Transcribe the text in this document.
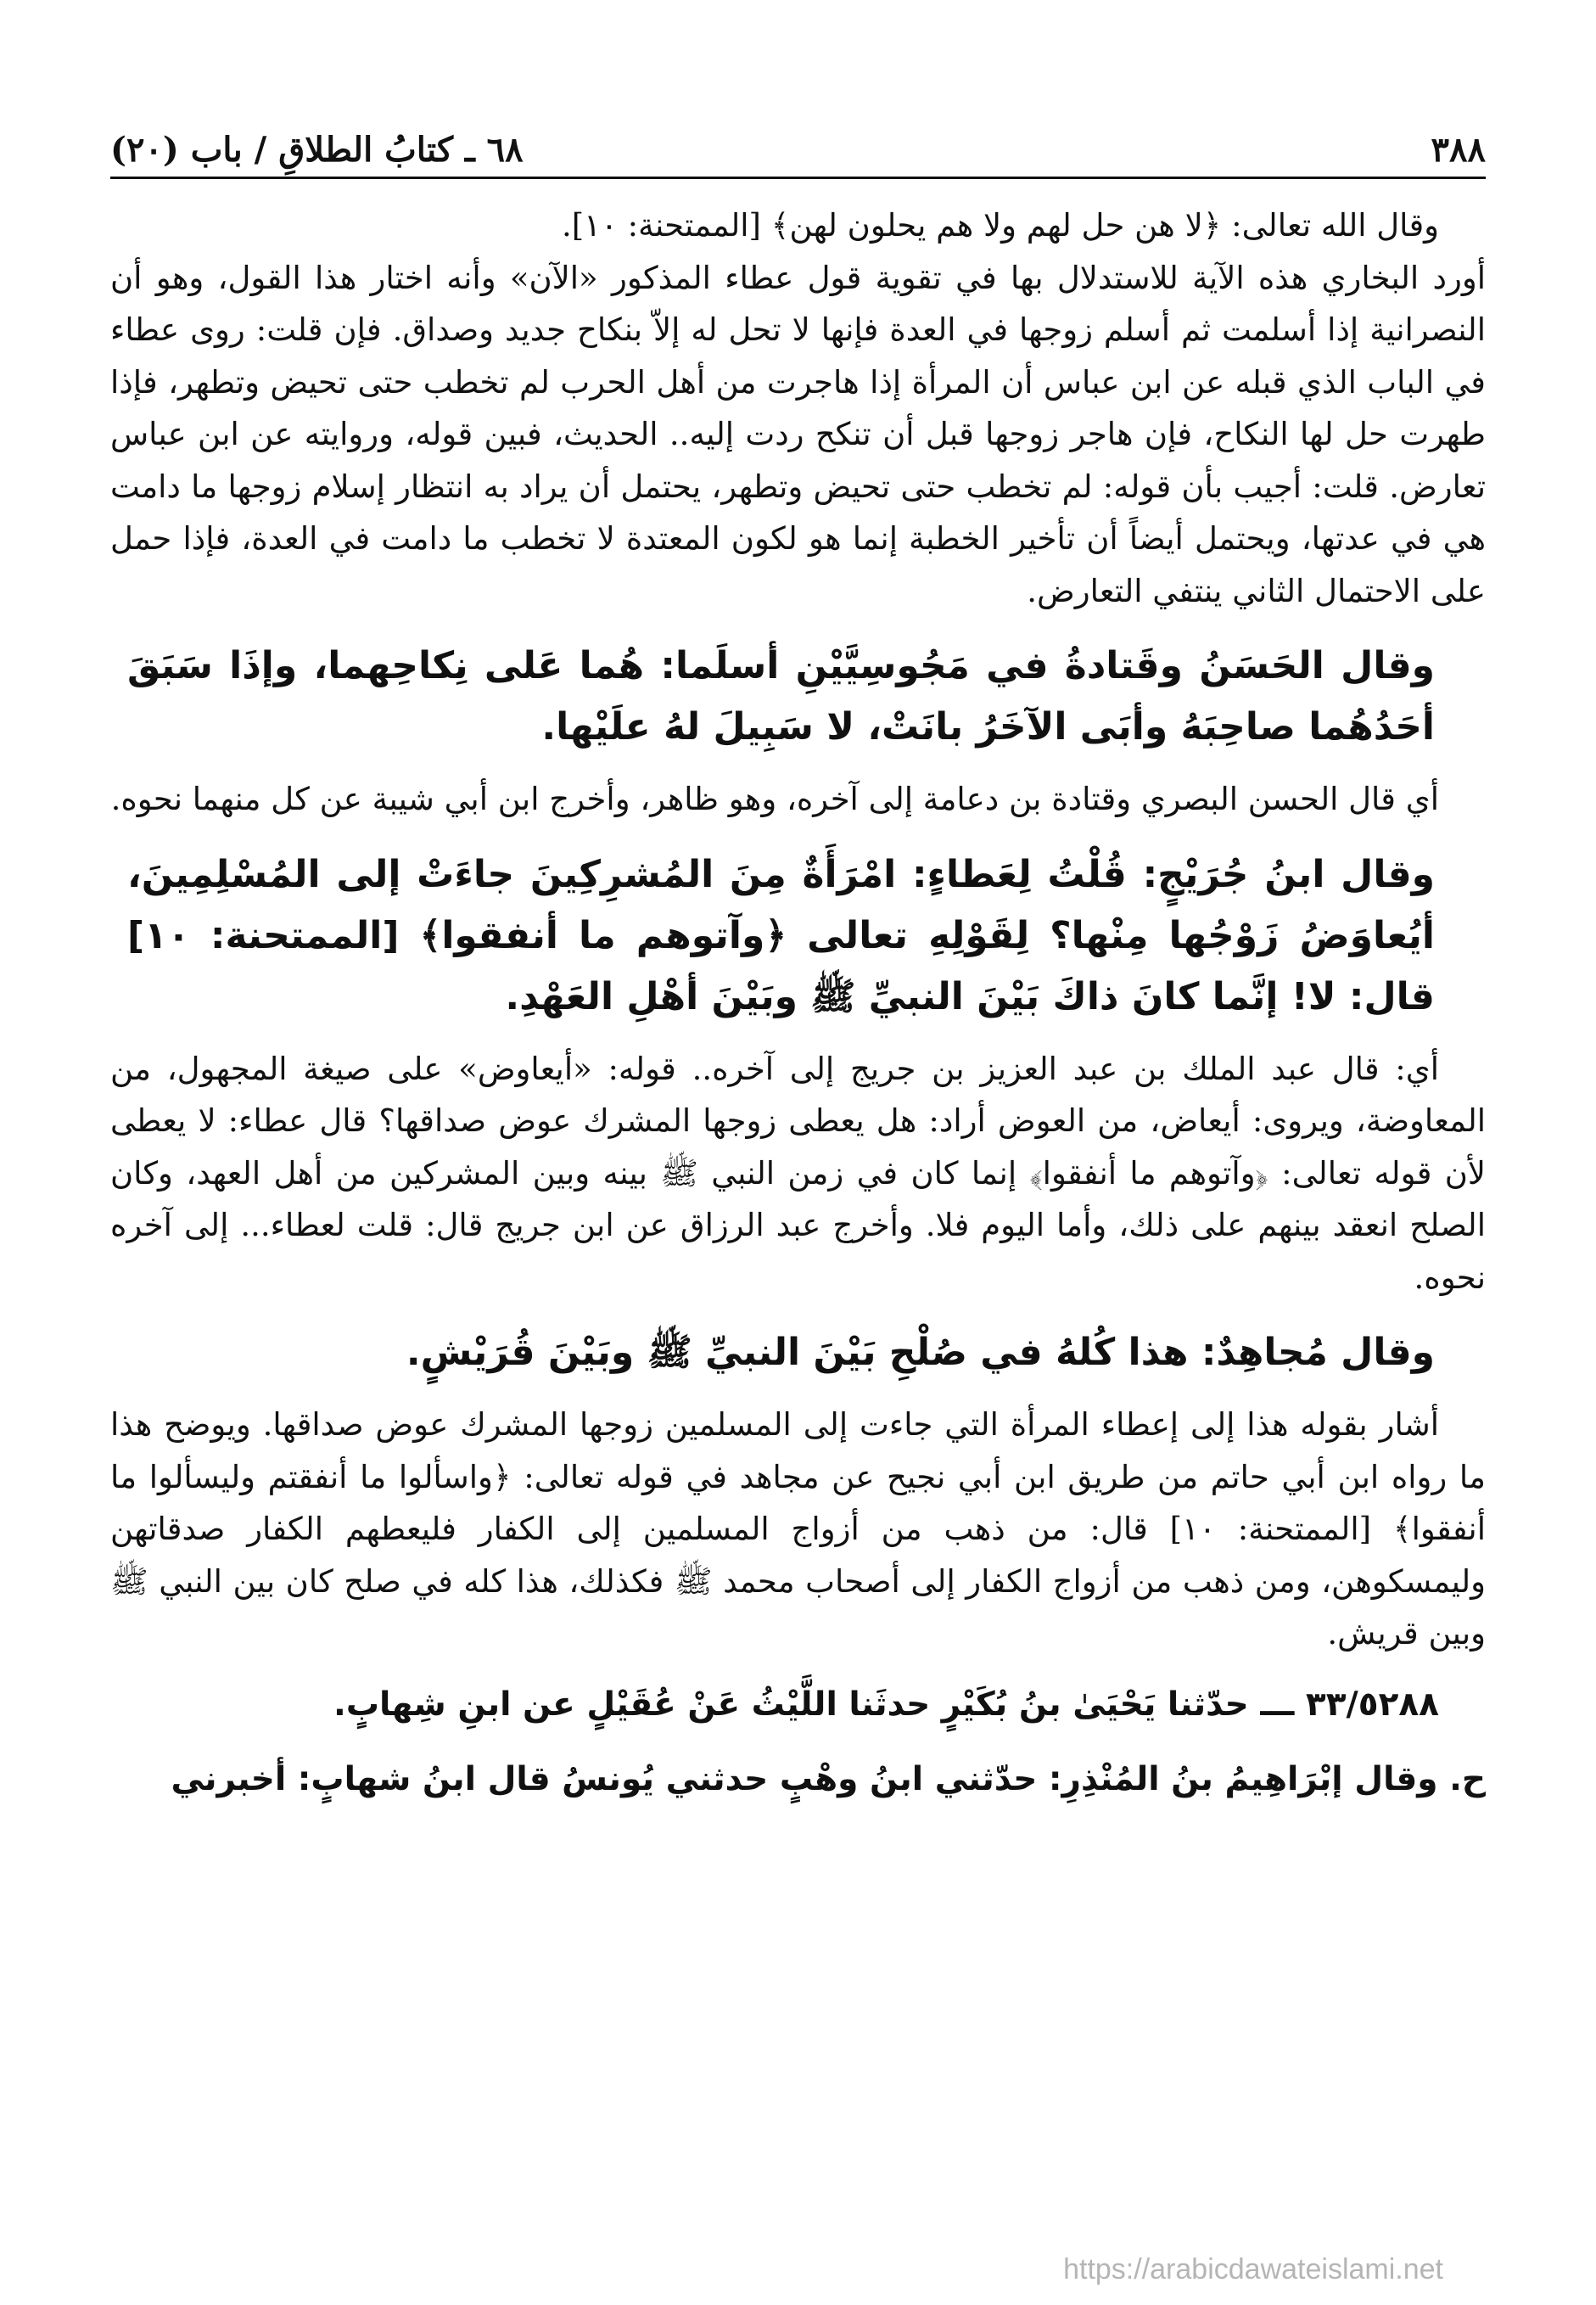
٣٨٨
٦٨ ـ كتابُ الطلاقِ / باب (٢٠)

وقال الله تعالى: ﴿لا هن حل لهم ولا هم يحلون لهن﴾ [الممتحنة: ١٠].

أورد البخاري هذه الآية للاستدلال بها في تقوية قول عطاء المذكور «الآن» وأنه اختار هذا القول، وهو أن النصرانية إذا أسلمت ثم أسلم زوجها في العدة فإنها لا تحل له إلاّ بنكاح جديد وصداق. فإن قلت: روى عطاء في الباب الذي قبله عن ابن عباس أن المرأة إذا هاجرت من أهل الحرب لم تخطب حتى تحيض وتطهر، فإذا طهرت حل لها النكاح، فإن هاجر زوجها قبل أن تنكح ردت إليه.. الحديث، فبين قوله، وروايته عن ابن عباس تعارض. قلت: أجيب بأن قوله: لم تخطب حتى تحيض وتطهر، يحتمل أن يراد به انتظار إسلام زوجها ما دامت هي في عدتها، ويحتمل أيضاً أن تأخير الخطبة إنما هو لكون المعتدة لا تخطب ما دامت في العدة، فإذا حمل على الاحتمال الثاني ينتفي التعارض.

وقال الحَسَنُ وقَتادةُ في مَجُوسِيَّيْنِ أسلَما: هُما عَلى نِكاحِهما، وإذَا سَبَقَ أحَدُهُما صاحِبَهُ وأبَى الآخَرُ بانَتْ، لا سَبِيلَ لهُ علَيْها.

أي قال الحسن البصري وقتادة بن دعامة إلى آخره، وهو ظاهر، وأخرج ابن أبي شيبة عن كل منهما نحوه.

وقال ابنُ جُرَيْجٍ: قُلْتُ لِعَطاءٍ: امْرَأَةٌ مِنَ المُشرِكِينَ جاءَتْ إلى المُسْلِمِينَ، أيُعاوَضُ زَوْجُها مِنْها؟ لِقَوْلِهِ تعالى ﴿وآتوهم ما أنفقوا﴾ [الممتحنة: ١٠] قال: لا! إنَّما كانَ ذاكَ بَيْنَ النبيِّ ﷺ وبَيْنَ أهْلِ العَهْدِ.

أي: قال عبد الملك بن عبد العزيز بن جريج إلى آخره.. قوله: «أيعاوض» على صيغة المجهول، من المعاوضة، ويروى: أيعاض، من العوض أراد: هل يعطى زوجها المشرك عوض صداقها؟ قال عطاء: لا يعطى لأن قوله تعالى: ﴿وآتوهم ما أنفقوا﴾ إنما كان في زمن النبي ﷺ بينه وبين المشركين من أهل العهد، وكان الصلح انعقد بينهم على ذلك، وأما اليوم فلا. وأخرج عبد الرزاق عن ابن جريج قال: قلت لعطاء... إلى آخره نحوه.

وقال مُجاهِدٌ: هذا كُلهُ في صُلْحِ بَيْنَ النبيِّ ﷺ وبَيْنَ قُرَيْشٍ.

أشار بقوله هذا إلى إعطاء المرأة التي جاءت إلى المسلمين زوجها المشرك عوض صداقها. ويوضح هذا ما رواه ابن أبي حاتم من طريق ابن أبي نجيح عن مجاهد في قوله تعالى: ﴿واسألوا ما أنفقتم وليسألوا ما أنفقوا﴾ [الممتحنة: ١٠] قال: من ذهب من أزواج المسلمين إلى الكفار فليعطهم الكفار صدقاتهن وليمسكوهن، ومن ذهب من أزواج الكفار إلى أصحاب محمد ﷺ فكذلك، هذا كله في صلح كان بين النبي ﷺ وبين قريش.

٣٣/٥٢٨٨ ـــ حدّثنا يَحْيَىٰ بنُ بُكَيْرٍ حدثَنا اللَّيْثُ عَنْ عُقَيْلٍ عن ابنِ شِهابٍ.

ح. وقال إبْرَاهِيمُ بنُ المُنْذِرِ: حدّثني ابنُ وهْبٍ حدثني يُونسُ قال ابنُ شهابٍ: أخبرني

https://arabicdawateislami.net
